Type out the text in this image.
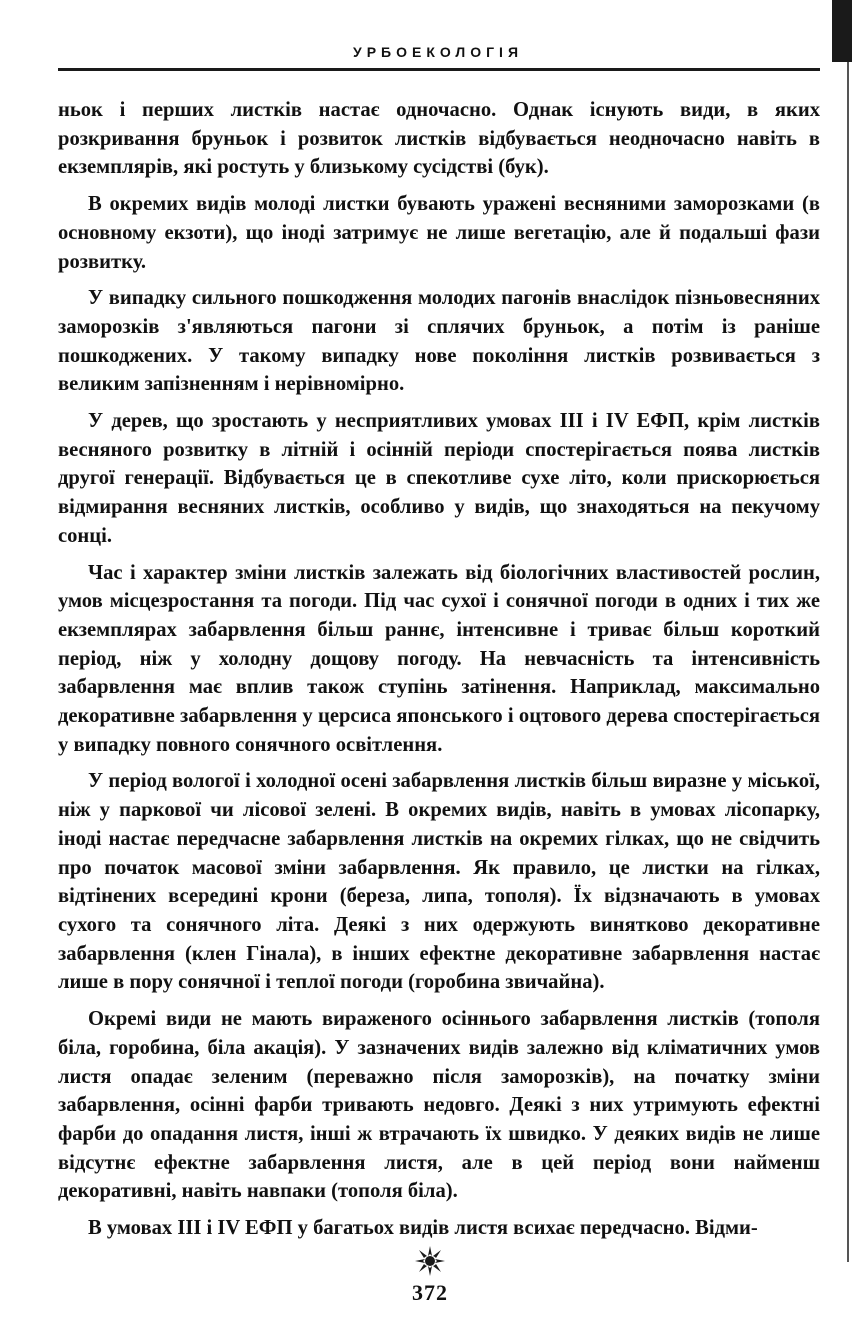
УРБОЕКОЛОГІЯ

ньок і перших листків настає одночасно. Однак існують види, в яких розкривання бруньок і розвиток листків відбувається неодночасно навіть в екземплярів, які ростуть у близькому сусідстві (бук).

В окремих видів молоді листки бувають уражені весняними заморозками (в основному екзоти), що іноді затримує не лише вегетацію, але й подальші фази розвитку.

У випадку сильного пошкодження молодих пагонів внаслідок пізньовесняних заморозків з'являються пагони зі сплячих бруньок, а потім із раніше пошкоджених. У такому випадку нове покоління листків розвивається з великим запізненням і нерівномірно.

У дерев, що зростають у несприятливих умовах III і IV ЕФП, крім листків весняного розвитку в літній і осінній періоди спостерігається поява листків другої генерації. Відбувається це в спекотливе сухе літо, коли прискорюється відмирання весняних листків, особливо у видів, що знаходяться на пекучому сонці.

Час і характер зміни листків залежать від біологічних властивостей рослин, умов місцезростання та погоди. Під час сухої і сонячної погоди в одних і тих же екземплярах забарвлення більш раннє, інтенсивне і триває більш короткий період, ніж у холодну дощову погоду. На невчасність та інтенсивність забарвлення має вплив також ступінь затінення. Наприклад, максимально декоративне забарвлення у церсиса японського і оцтового дерева спостерігається у випадку повного сонячного освітлення.

У період вологої і холодної осені забарвлення листків більш виразне у міської, ніж у паркової чи лісової зелені. В окремих видів, навіть в умовах лісопарку, іноді настає передчасне забарвлення листків на окремих гілках, що не свідчить про початок масової зміни забарвлення. Як правило, це листки на гілках, відтінених всередині крони (береза, липа, тополя). Їх відзначають в умовах сухого та сонячного літа. Деякі з них одержують винятково декоративне забарвлення (клен Гінала), в інших ефектне декоративне забарвлення настає лише в пору сонячної і теплої погоди (горобина звичайна).

Окремі види не мають вираженого осіннього забарвлення листків (тополя біла, горобина, біла акація). У зазначених видів залежно від кліматичних умов листя опадає зеленим (переважно після заморозків), на початку зміни забарвлення, осінні фарби тривають недовго. Деякі з них утримують ефектні фарби до опадання листя, інші ж втрачають їх швидко. У деяких видів не лише відсутнє ефектне забарвлення листя, але в цей період вони найменш декоративні, навіть навпаки (тополя біла).

В умовах III і IV ЕФП у багатьох видів листя всихає передчасно. Відми-

372
